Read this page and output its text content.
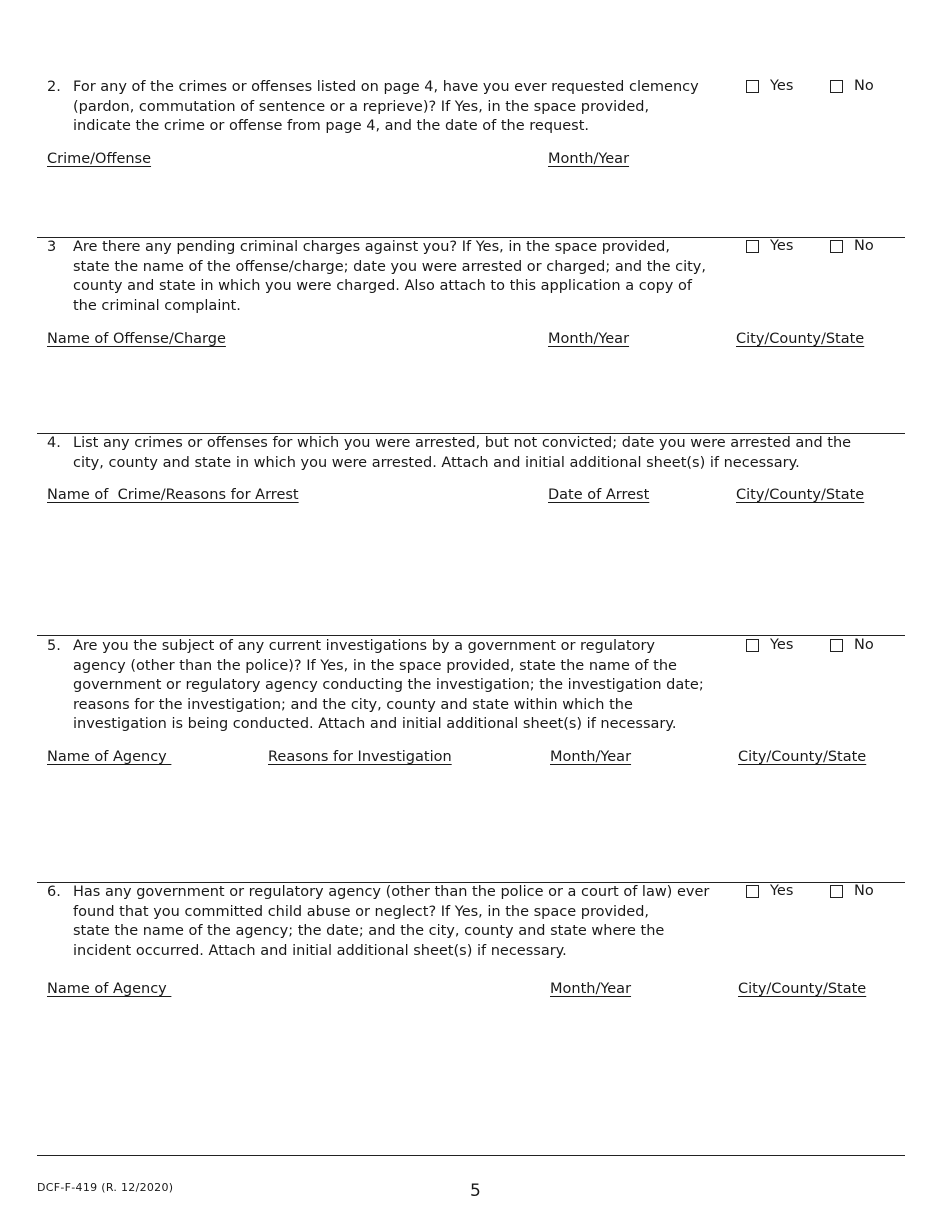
2. For any of the crimes or offenses listed on page 4, have you ever requested clemency
(pardon, commutation of sentence or a reprieve)? If Yes, in the space provided,
indicate the crime or offense from page 4, and the date of the request.
Yes	No
Crime/Offense	Month/Year
3 Are there any pending criminal charges against you? If Yes, in the space provided,
state the name of the offense/charge; date you were arrested or charged; and the city,
county and state in which you were charged. Also attach to this application a copy of
the criminal complaint.
Yes	No
Name of Offense/Charge	Month/Year	City/County/State
4. List any crimes or offenses for which you were arrested, but not convicted; date you were arrested and the
city, county and state in which you were arrested. Attach and initial additional sheet(s) if necessary.
Name of  Crime/Reasons for Arrest	Date of Arrest	City/County/State
5. Are you the subject of any current investigations by a government or regulatory
agency (other than the police)? If Yes, in the space provided, state the name of the
government or regulatory agency conducting the investigation; the investigation date;
reasons for the investigation; and the city, county and state within which the
investigation is being conducted. Attach and initial additional sheet(s) if necessary.
Yes	No
Name of Agency	Reasons for Investigation	Month/Year	City/County/State
6. Has any government or regulatory agency (other than the police or a court of law) ever
found that you committed child abuse or neglect? If Yes, in the space provided,
state the name of the agency; the date; and the city, county and state where the
incident occurred. Attach and initial additional sheet(s) if necessary.
Yes	No
Name of Agency	Month/Year	City/County/State
DCF-F-419 (R. 12/2020)	5
